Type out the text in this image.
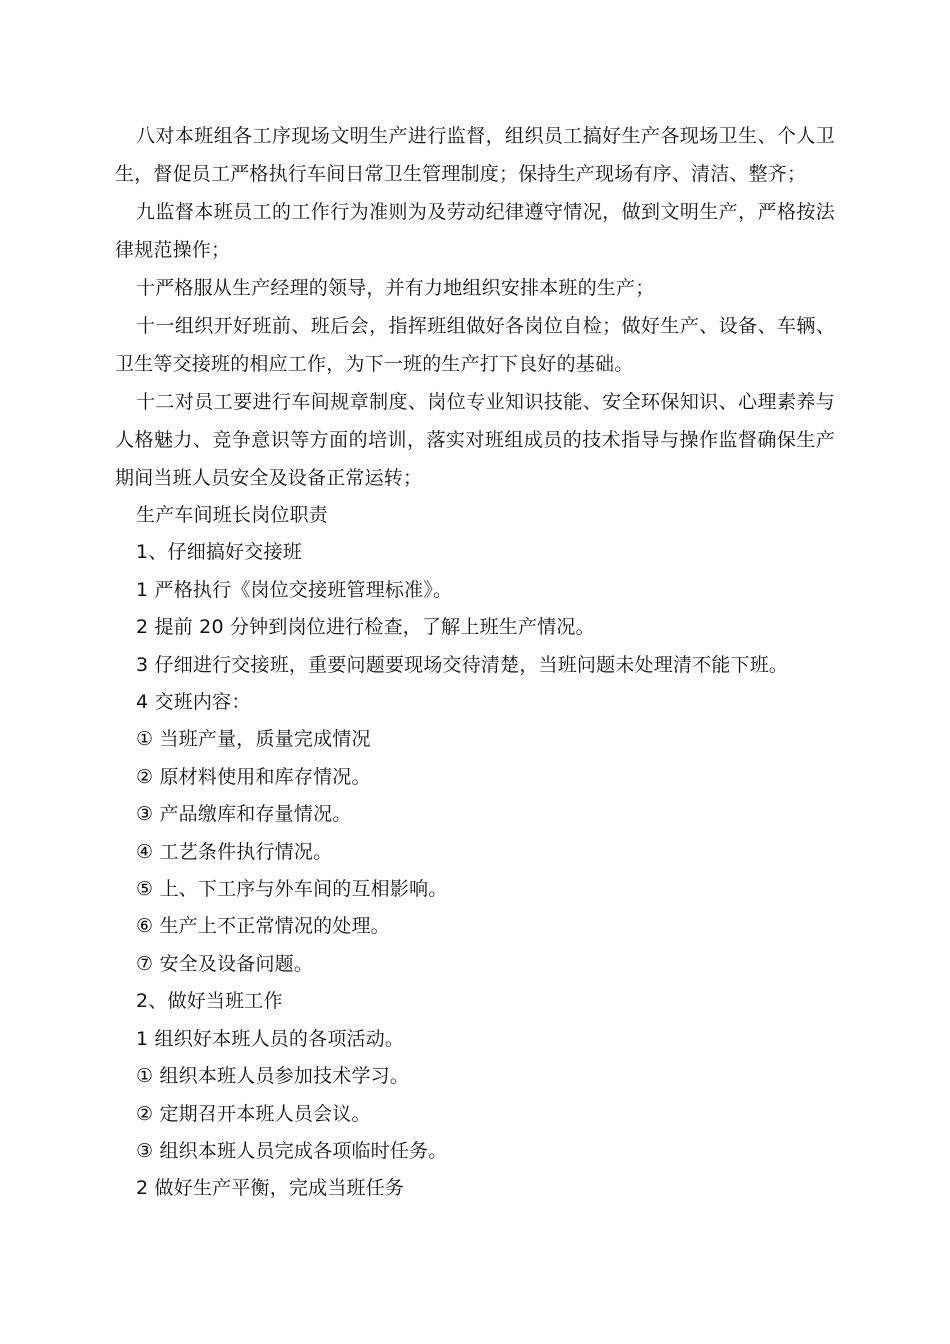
八对本班组各工序现场文明生产进行监督，组织员工搞好生产各现场卫生、个人卫生，督促员工严格执行车间日常卫生管理制度；保持生产现场有序、清洁、整齐；

九监督本班员工的工作行为准则为及劳动纪律遵守情况，做到文明生产，严格按法律规范操作；

十严格服从生产经理的领导，并有力地组织安排本班的生产；

十一组织开好班前、班后会，指挥班组做好各岗位自检；做好生产、设备、车辆、卫生等交接班的相应工作，为下一班的生产打下良好的基础。

十二对员工要进行车间规章制度、岗位专业知识技能、安全环保知识、心理素养与人格魅力、竞争意识等方面的培训，落实对班组成员的技术指导与操作监督确保生产期间当班人员安全及设备正常运转；

生产车间班长岗位职责

1、仔细搞好交接班

1 严格执行《岗位交接班管理标准》。

2 提前 20 分钟到岗位进行检查，了解上班生产情况。

3 仔细进行交接班，重要问题要现场交待清楚，当班问题未处理清不能下班。

4 交班内容：

① 当班产量，质量完成情况

② 原材料使用和库存情况。

③ 产品缴库和存量情况。

④ 工艺条件执行情况。

⑤ 上、下工序与外车间的互相影响。

⑥ 生产上不正常情况的处理。

⑦ 安全及设备问题。

2、做好当班工作

1 组织好本班人员的各项活动。

① 组织本班人员参加技术学习。

② 定期召开本班人员会议。

③ 组织本班人员完成各项临时任务。

2 做好生产平衡，完成当班任务
